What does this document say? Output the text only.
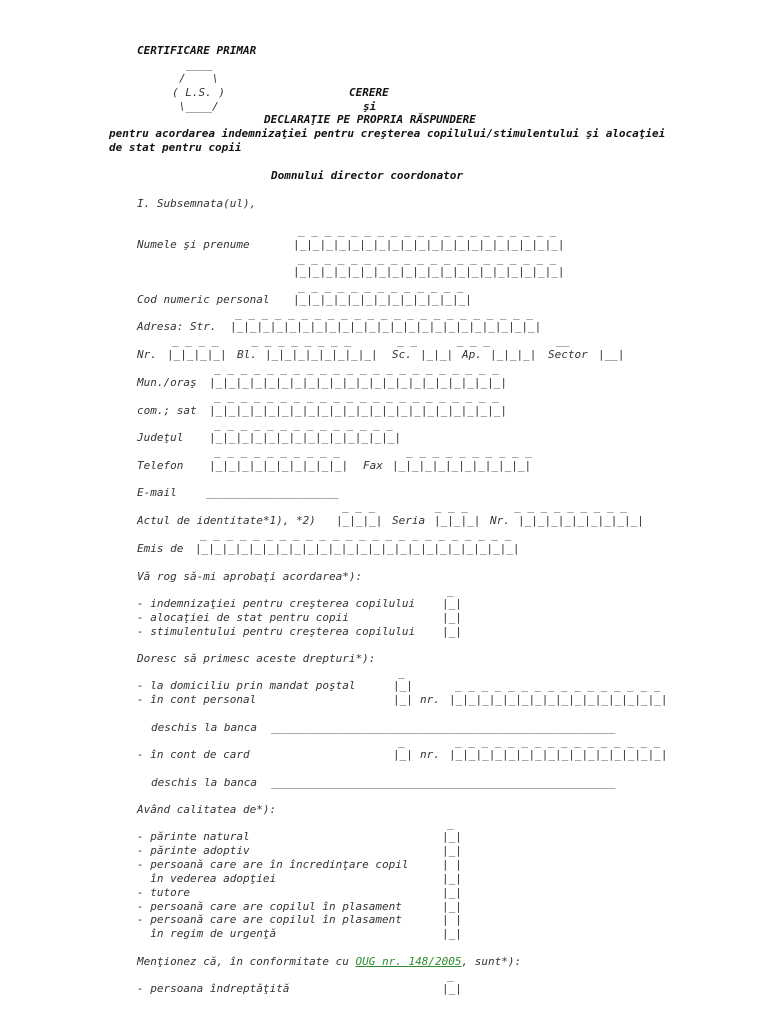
CERTIFICARE PRIMAR
____
/    \
( L.S. )
\____/
CERERE
şi
DECLARAŢIE PE PROPRIA RĂSPUNDERE
pentru acordarea indemnizaţiei pentru creşterea copilului/stimulentului şi alocaţiei
de stat pentru copii
Domnului director coordonator
I. Subsemnata(ul),
_ _ _ _ _ _ _ _ _ _ _ _ _ _ _ _ _ _ _ _
Numele şi prenume	|_|_|_|_|_|_|_|_|_|_|_|_|_|_|_|_|_|_|_|_|
_ _ _ _ _ _ _ _ _ _ _ _ _ _ _ _ _ _ _ _
|_|_|_|_|_|_|_|_|_|_|_|_|_|_|_|_|_|_|_|_|
_ _ _ _ _ _ _ _ _ _ _ _ _
Cod numeric personal |_|_|_|_|_|_|_|_|_|_|_|_|_|
_ _ _ _ _ _ _ _ _ _ _ _ _ _ _ _ _ _ _ _ _ _ _
Adresa: Str. |_|_|_|_|_|_|_|_|_|_|_|_|_|_|_|_|_|_|_|_|_|_|_|
_ _ _ _     _ _ _ _ _ _ _ _       _ _      _ _ _          __
Nr. |_|_|_|_| Bl. |_|_|_|_|_|_|_|_| Sc. |_|_| Ap. |_|_|_| Sector |__|
_ _ _ _ _ _ _ _ _ _ _ _ _ _ _ _ _ _ _ _ _ _
Mun./oraş |_|_|_|_|_|_|_|_|_|_|_|_|_|_|_|_|_|_|_|_|_|_|
_ _ _ _ _ _ _ _ _ _ _ _ _ _ _ _ _ _ _ _ _ _
com.; sat |_|_|_|_|_|_|_|_|_|_|_|_|_|_|_|_|_|_|_|_|_|_|
_ _ _ _ _ _ _ _ _ _ _ _ _ _
Judeţul |_|_|_|_|_|_|_|_|_|_|_|_|_|_|
_ _ _ _ _ _ _ _ _ _          _ _ _ _ _ _ _ _ _ _
Telefon |_|_|_|_|_|_|_|_|_|_| Fax |_|_|_|_|_|_|_|_|_|_|
E-mail	____________________
_ _ _         _ _ _       _ _ _ _ _ _ _ _ _
Actul de identitate*1), *2) |_|_|_| Seria |_|_|_| Nr. |_|_|_|_|_|_|_|_|_|
_ _ _ _ _ _ _ _ _ _ _ _ _ _ _ _ _ _ _ _ _ _ _ _
Emis de |_|_|_|_|_|_|_|_|_|_|_|_|_|_|_|_|_|_|_|_|_|_|_|_|
Vă rog să-mi aprobaţi acordarea*):
_
- indemnizaţiei pentru creşterea copilului |_|
- alocaţiei de stat pentru copii	|_|
- stimulentului pentru creşterea copilului |_|
Doresc să primesc aceste drepturi*):
_
- la domiciliu prin mandat poştal	|_|	_ _ _ _ _ _ _ _ _ _ _ _ _ _ _ _
- în cont personal	|_| nr. |_|_|_|_|_|_|_|_|_|_|_|_|_|_|_|_|
deschis la banca ____________________________________________________
_	_ _ _ _ _ _ _ _ _ _ _ _ _ _ _ _
- în cont de card	|_| nr. |_|_|_|_|_|_|_|_|_|_|_|_|_|_|_|_|
deschis la banca ____________________________________________________
Având calitatea de*):
_
- părinte natural	|_|
- părinte adoptiv	|_|
- persoană care are în încredinţare copil	| |
în vederea adopţiei	|_|
- tutore	|_|
- persoană care are copilul în plasament	|_|
- persoană care are copilul în plasament	| |
în regim de urgenţă	|_|
Menţionez că, în conformitate cu OUG nr. 148/2005, sunt*):
_
- persoana îndreptăţită	|_|
